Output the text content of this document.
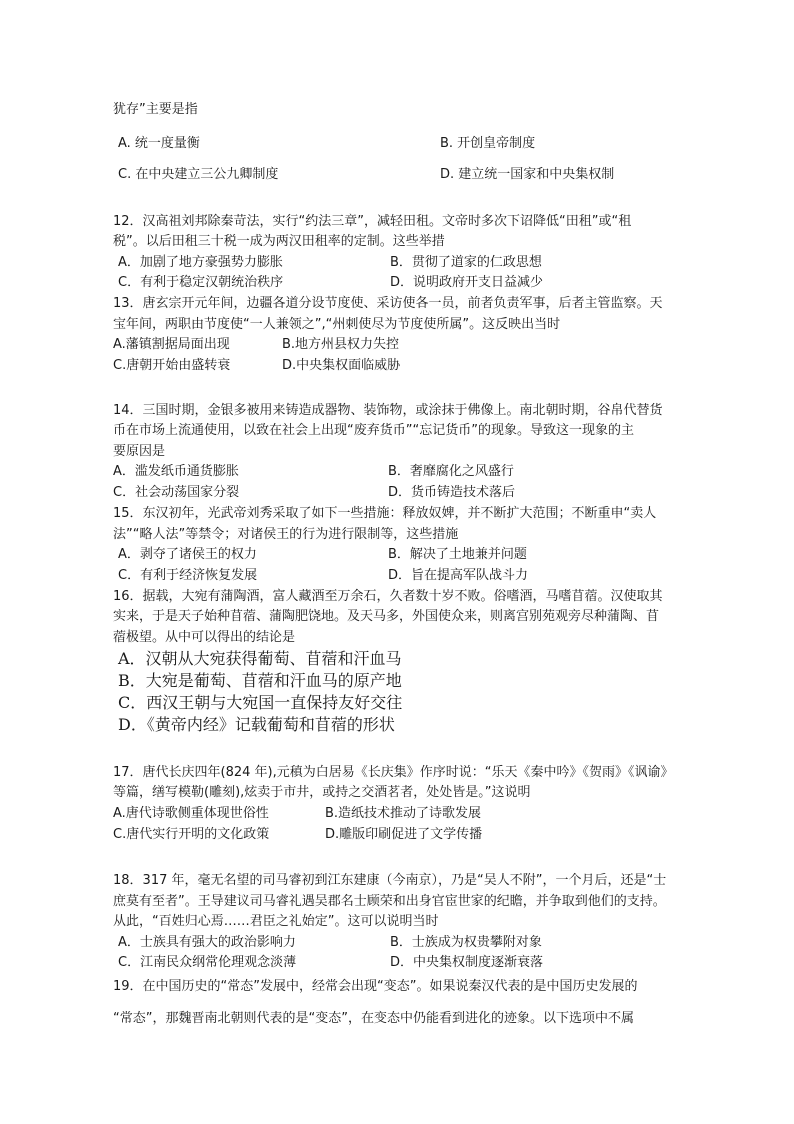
犹存”主要是指
A. 统一度量衡	B. 开创皇帝制度
C. 在中央建立三公九卿制度	D. 建立统一国家和中央集权制
12．汉高祖刘邦除秦苛法，实行“约法三章”，减轻田租。文帝时多次下诏降低“田租”或“租
税”。以后田租三十税一成为两汉田租率的定制。这些举措
A．加剧了地方豪强势力膨胀	B．贯彻了道家的仁政思想
C．有利于稳定汉朝统治秩序	D．说明政府开支日益减少
13．唐玄宗开元年间，边疆各道分设节度使、采访使各一员，前者负责军事，后者主管监察。天
宝年间，两职由节度使“一人兼领之”,“州刺使尽为节度使所属”。这反映出当时
A.藩镇割据局面出现	B.地方州县权力失控
C.唐朝开始由盛转衰	D.中央集权面临威胁
14．三国时期，金银多被用来铸造成器物、装饰物，或涂抹于佛像上。南北朝时期，谷帛代替货
币在市场上流通使用，以致在社会上出现“废弃货币”“忘记货币”的现象。导致这一现象的主
要原因是
A．滥发纸币通货膨胀	B．奢靡腐化之风盛行
C．社会动荡国家分裂	D．货币铸造技术落后
15．东汉初年，光武帝刘秀采取了如下一些措施：释放奴婢，并不断扩大范围；不断重申“卖人
法”“略人法”等禁令；对诸侯王的行为进行限制等，这些措施
A．剥夺了诸侯王的权力	B．解决了土地兼并问题
C．有利于经济恢复发展	D．旨在提高军队战斗力
16．据载，大宛有蒲陶酒，富人藏酒至万余石，久者数十岁不败。俗嗜酒，马嗜苜蓿。汉使取其
实来，于是天子始种苜蓿、蒲陶肥饶地。及天马多，外国使众来，则离宫别苑观旁尽种蒲陶、苜
蓿极望。从中可以得出的结论是
A．汉朝从大宛获得葡萄、苜蓿和汗血马
B．大宛是葡萄、苜蓿和汗血马的原产地
C．西汉王朝与大宛国一直保持友好交往
D．《黄帝内经》记载葡萄和苜蓿的形状
17．唐代长庆四年(824 年),元稹为白居易《长庆集》作序时说：“乐天《秦中吟》《贺雨》《讽谕》
等篇，缮写模勒(雕刻),炫卖于市井，或持之交酒茗者，处处皆是。”这说明
A.唐代诗歌侧重体现世俗性	B.造纸技术推动了诗歌发展
C.唐代实行开明的文化政策	D.雕版印刷促进了文学传播
18．317 年，毫无名望的司马睿初到江东建康（今南京），乃是“吴人不附”，一个月后，还是“士
庶莫有至者”。王导建议司马睿礼遇吴郡名士顾荣和出身官宦世家的纪瞻，并争取到他们的支持。
从此，“百姓归心焉……君臣之礼始定”。这可以说明当时
A．士族具有强大的政治影响力	B．士族成为权贵攀附对象
C．江南民众纲常伦理观念淡薄	D．中央集权制度逐渐衰落
19．在中国历史的“常态”发展中，经常会出现“变态”。如果说秦汉代表的是中国历史发展的
“常态”，那魏晋南北朝则代表的是“变态”，在变态中仍能看到进化的迹象。以下选项中不属
